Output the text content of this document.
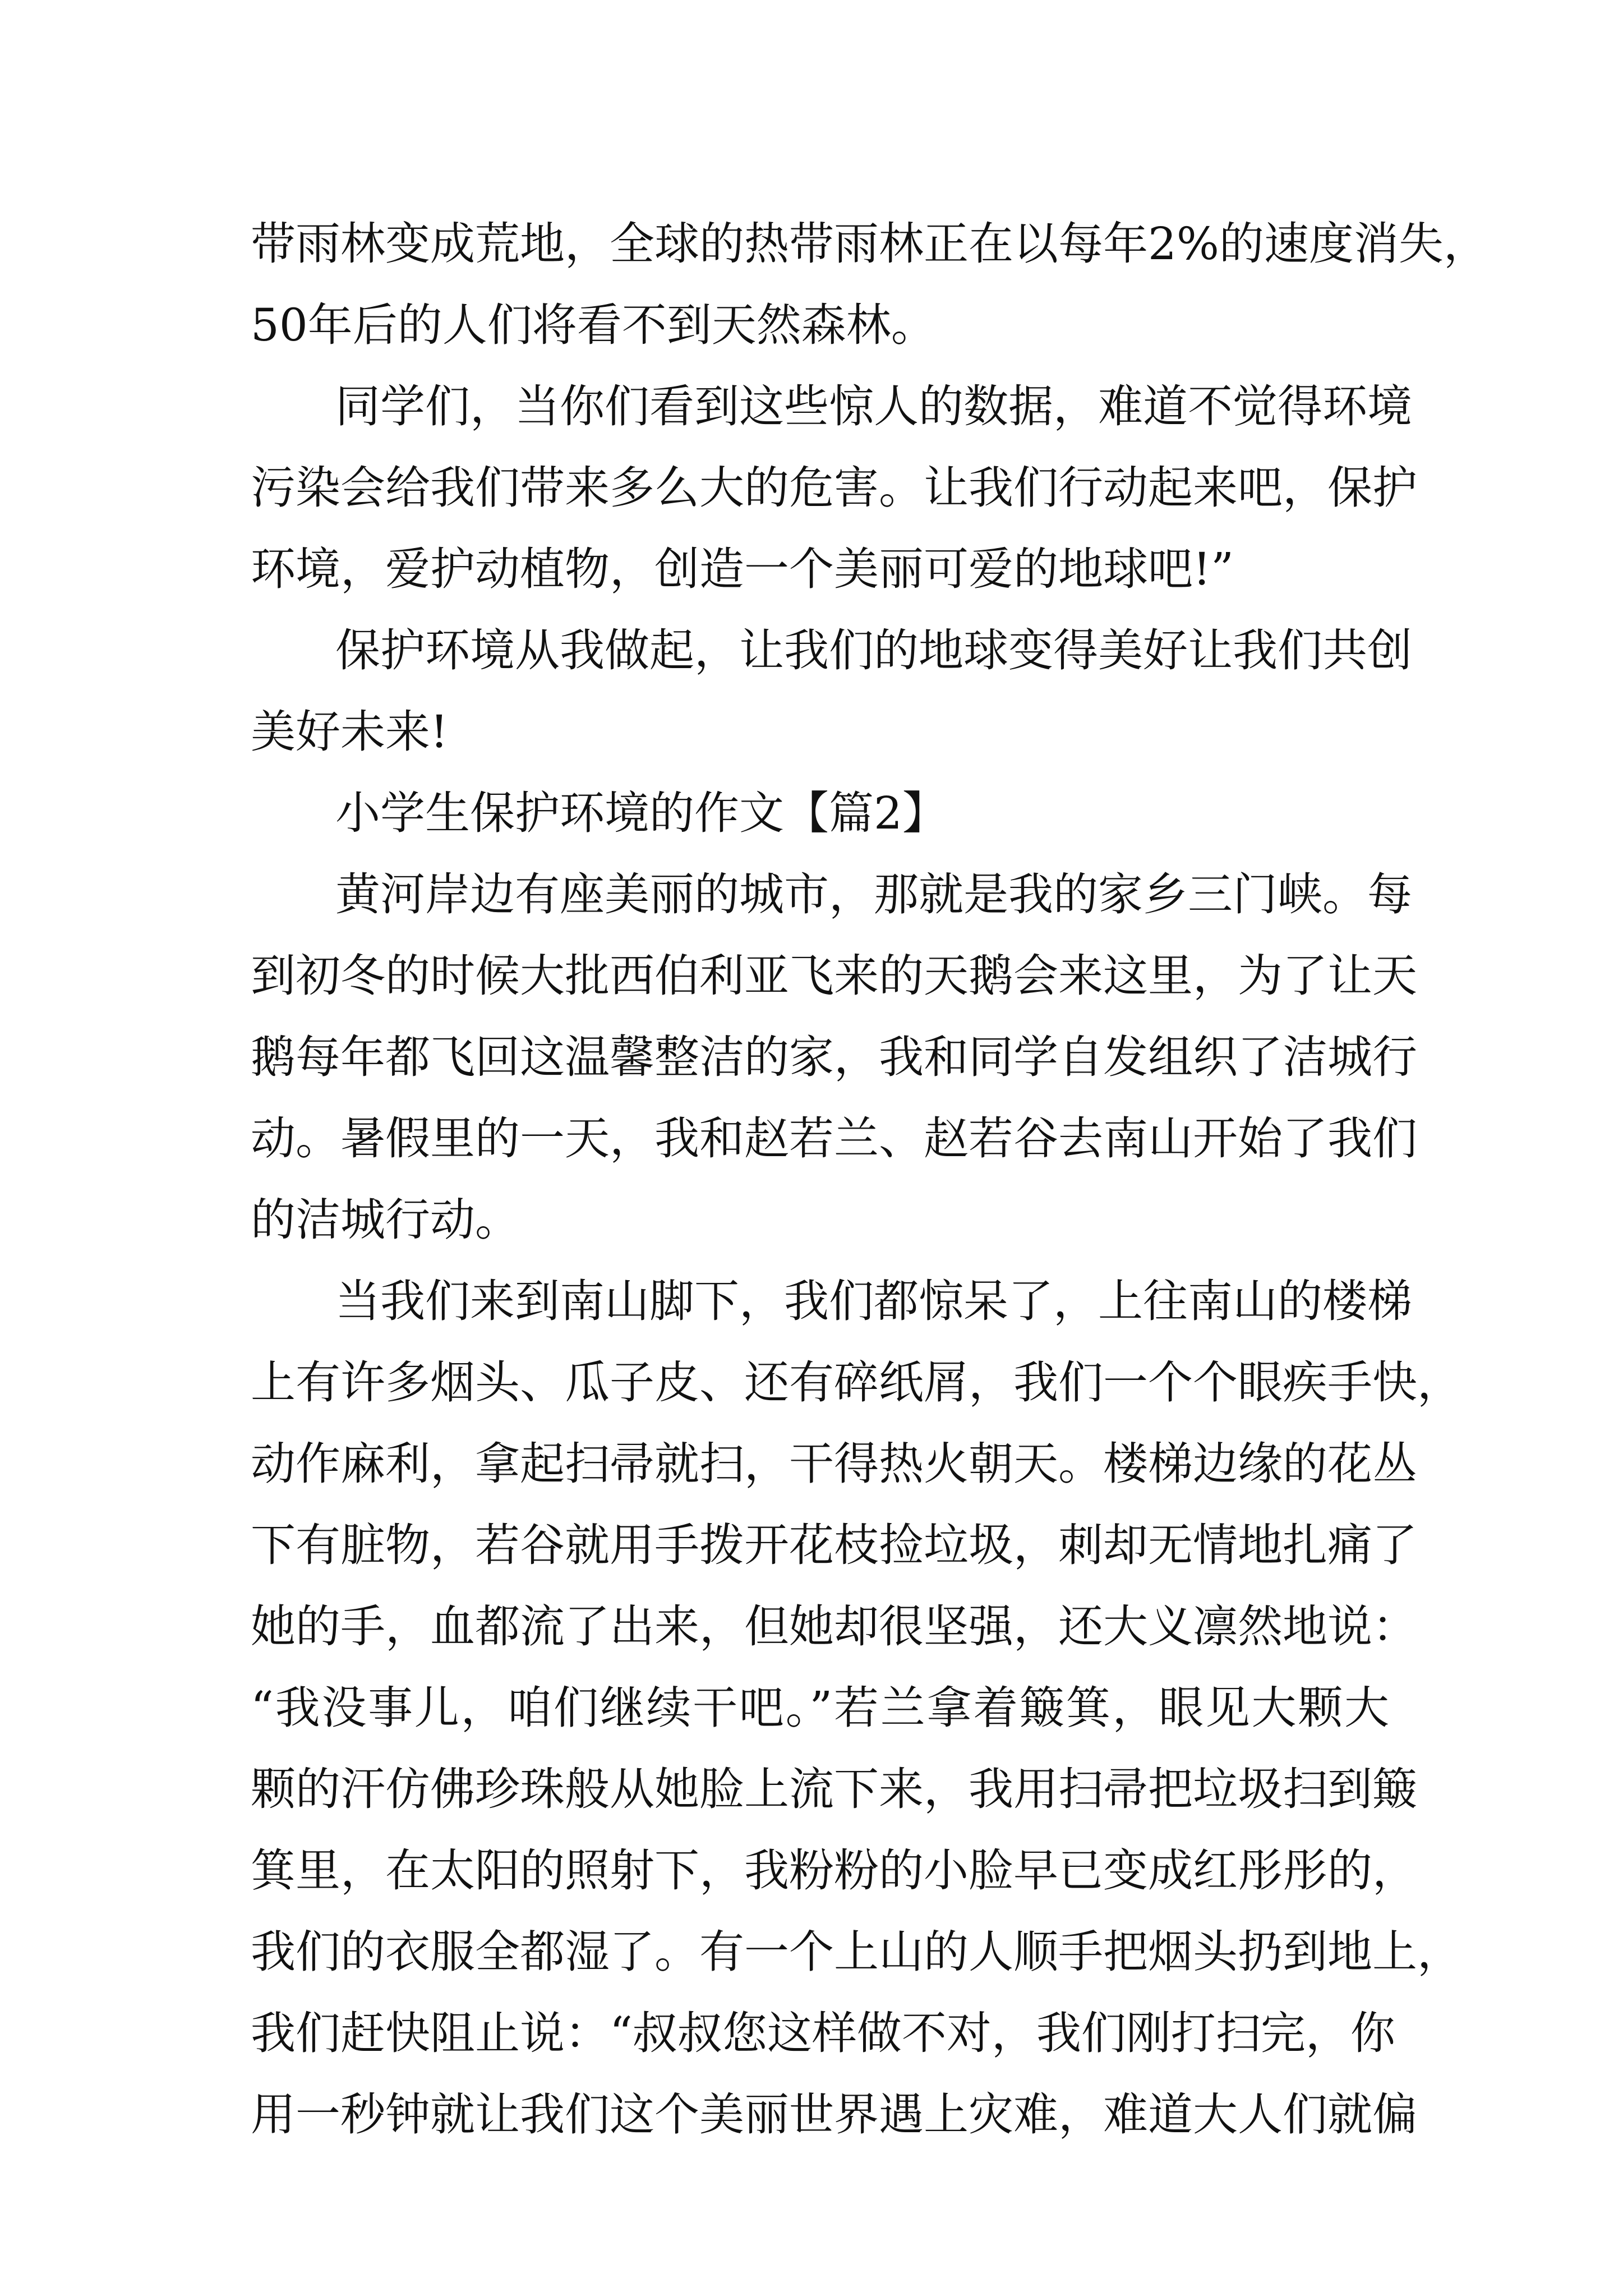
带雨林变成荒地，全球的热带雨林正在以每年2%的速度消失，
50年后的人们将看不到天然森林。
同学们，当你们看到这些惊人的数据，难道不觉得环境
污染会给我们带来多么大的危害。让我们行动起来吧，保护
环境，爱护动植物，创造一个美丽可爱的地球吧!”
保护环境从我做起，让我们的地球变得美好让我们共创
美好未来!
小学生保护环境的作文【篇2】
黄河岸边有座美丽的城市，那就是我的家乡三门峡。每
到初冬的时候大批西伯利亚飞来的天鹅会来这里，为了让天
鹅每年都飞回这温馨整洁的家，我和同学自发组织了洁城行
动。暑假里的一天，我和赵若兰、赵若谷去南山开始了我们
的洁城行动。
当我们来到南山脚下，我们都惊呆了，上往南山的楼梯
上有许多烟头、瓜子皮、还有碎纸屑，我们一个个眼疾手快，
动作麻利，拿起扫帚就扫，干得热火朝天。楼梯边缘的花丛
下有脏物，若谷就用手拨开花枝捡垃圾，刺却无情地扎痛了
她的手，血都流了出来，但她却很坚强，还大义凛然地说：
“我没事儿，咱们继续干吧。”若兰拿着簸箕，眼见大颗大
颗的汗仿佛珍珠般从她脸上流下来，我用扫帚把垃圾扫到簸
箕里，在太阳的照射下，我粉粉的小脸早已变成红彤彤的，
我们的衣服全都湿了。有一个上山的人顺手把烟头扔到地上，
我们赶快阻止说：“叔叔您这样做不对，我们刚打扫完，你
用一秒钟就让我们这个美丽世界遇上灾难，难道大人们就偏
